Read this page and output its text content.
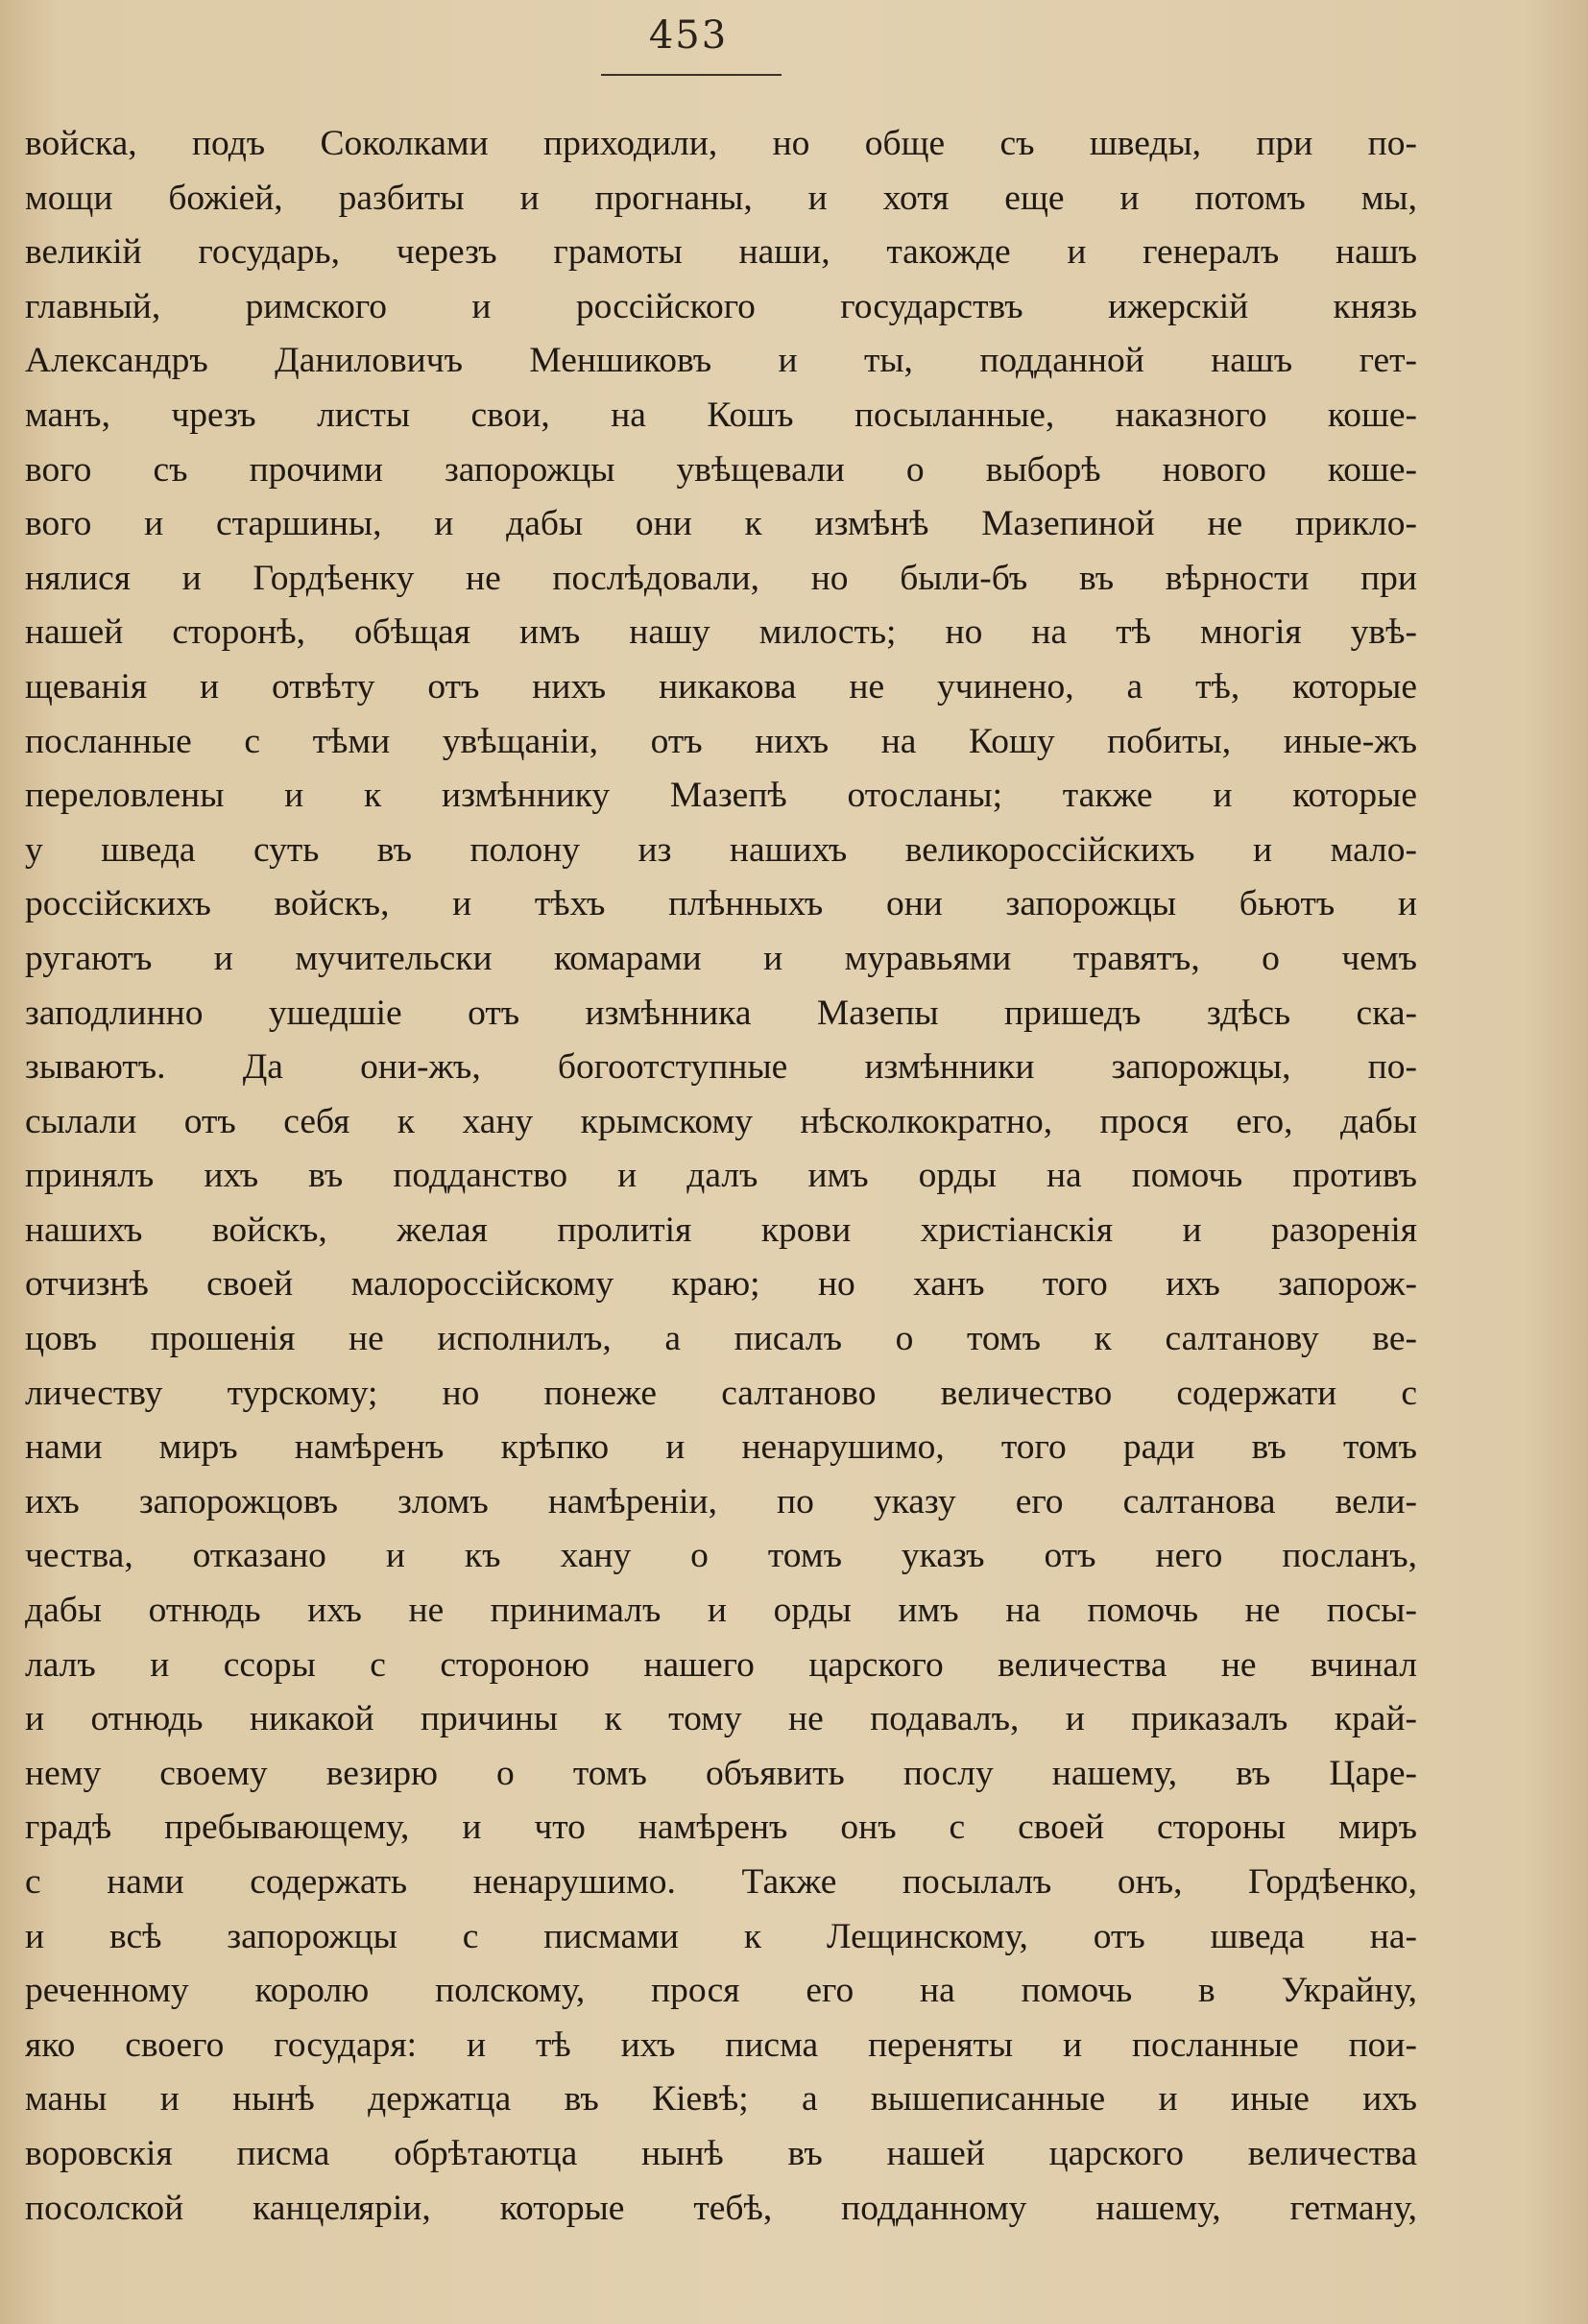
453
войска, подъ Соколками приходили, но обще съ шведы, при по-
мощи божiей, разбиты и прогнаны, и хотя еще и потомъ мы,
великiй государь, черезъ грамоты наши, такожде и генералъ нашъ
главный, римского и россiйского государствъ ижерскiй князь
Александръ Даниловичъ Меншиковъ и ты, подданной нашъ гет-
манъ, чрезъ листы свои, на Кошъ посыланные, наказного коше-
вого съ прочими запорожцы увѣщевали о выборѣ нового коше-
вого и старшины, и дабы они к измѣнѣ Мазепиной не прикло-
нялися и Гордѣенку не послѣдовали, но были-бъ въ вѣрности при
нашей сторонѣ, обѣщая имъ нашу милость; но на тѣ многiя увѣ-
щеванiя и отвѣту отъ нихъ никакова не учинено, а тѣ, которые
посланные с тѣми увѣщанiи, отъ нихъ на Кошу побиты, иные-жъ
переловлены и к измѣннику Мазепѣ отосланы; также и которые
у шведа суть въ полону из нашихъ великороссiйскихъ и мало-
россiйскихъ войскъ, и тѣхъ плѣнныхъ они запорожцы бьютъ и
ругаютъ и мучительски комарами и муравьями травятъ, о чемъ
заподлинно ушедшiе отъ измѣнника Мазепы пришедъ здѣсь ска-
зываютъ. Да они-жъ, богоотступные измѣнники запорожцы, по-
сылали отъ себя к хану крымскому нѣсколкократно, прося его, дабы
принялъ ихъ въ подданство и далъ имъ орды на помочь противъ
нашихъ войскъ, желая пролитiя крови христiанскiя и разоренiя
отчизнѣ своей малороссiйскому краю; но ханъ того ихъ запорож-
цовъ прошенiя не исполнилъ, а писалъ о томъ к салтанову ве-
личеству турскому; но понеже салтаново величество содержати с
нами миръ намѣренъ крѣпко и ненарушимо, того ради въ томъ
ихъ запорожцовъ зломъ намѣренiи, по указу его салтанова вели-
чества, отказано и къ хану о томъ указъ отъ него посланъ,
дабы отнюдь ихъ не принималъ и орды имъ на помочь не посы-
лалъ и ссоры с стороною нашего царского величества не вчинал
и отнюдь никакой причины к тому не подавалъ, и приказалъ край-
нему своему везирю о томъ объявить послу нашему, въ Царе-
градѣ пребывающему, и что намѣренъ онъ с своей стороны миръ
с нами содержать ненарушимо. Также посылалъ онъ, Гордѣенко,
и всѣ запорожцы с писмами к Лещинскому, отъ шведа на-
реченному королю полскому, прося его на помочь в Украйну,
яко своего государя: и тѣ ихъ писма переняты и посланные пои-
маны и нынѣ держатца въ Кiевѣ; а вышеписанные и иные ихъ
воровскiя писма обрѣтаютца нынѣ въ нашей царского величества
посолской канцелярiи, которые тебѣ, подданному нашему, гетману,
